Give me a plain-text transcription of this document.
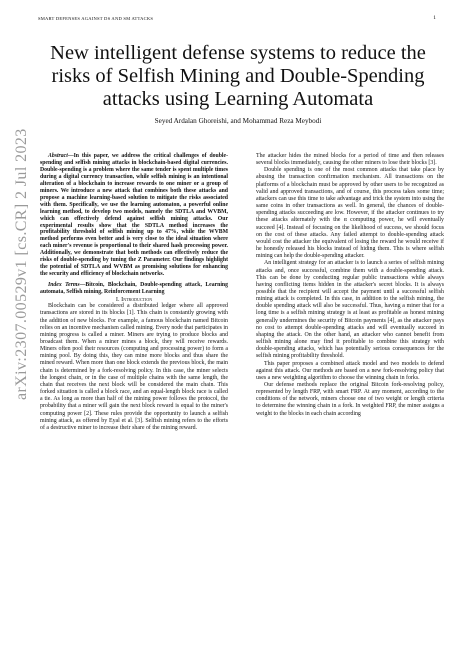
SMART DEFENSES AGAINST DS AND SM ATTACKS	1
arXiv:2307.00529v1 [cs.CR] 2 Jul 2023
New intelligent defense systems to reduce the risks of Selfish Mining and Double-Spending attacks using Learning Automata
Seyed Ardalan Ghoreishi, and Mohammad Reza Meybodi

Abstract—In this paper, we address the critical challenges of double-spending and selfish mining attacks in blockchain-based digital currencies. Double-spending is a problem where the same tender is spent multiple times during a digital currency transaction, while selfish mining is an intentional alteration of a blockchain to increase rewards to one miner or a group of miners. We introduce a new attack that combines both these attacks and propose a machine learning-based solution to mitigate the risks associated with them. Specifically, we use the learning automaton, a powerful online learning method, to develop two models, namely the SDTLA and WVBM, which can effectively defend against selfish mining attacks. Our experimental results show that the SDTLA method increases the profitability threshold of selfish mining up to 47%, while the WVBM method performs even better and is very close to the ideal situation where each miner's revenue is proportional to their shared hash processing power. Additionally, we demonstrate that both methods can effectively reduce the risks of double-spending by tuning the Z Parameter. Our findings highlight the potential of SDTLA and WVBM as promising solutions for enhancing the security and efficiency of blockchain networks.

Index Terms—Bitcoin, Blockchain, Double-spending attack, Learning automata, Selfish mining, Reinforcement Learning

I. Introduction

Blockchain can be considered a distributed ledger where all approved transactions are stored in its blocks [1]. This chain is constantly growing with the addition of new blocks. For example, a famous blockchain named Bitcoin relies on an incentive mechanism called mining. Every node that participates in mining progress is called a miner. Miners are trying to produce blocks and broadcast them. When a miner mines a block, they will receive rewards. Miners often pool their resources (computing and processing power) to form a mining pool. By doing this, they can mine more blocks and thus share the mined reward. When more than one block extends the previous block, the main chain is determined by a fork-resolving policy. In this case, the miner selects the longest chain, or in the case of multiple chains with the same length, the chain that receives the next block will be considered the main chain. This forked situation is called a block race, and an equal-length block race is called a tie. As long as more than half of the mining power follows the protocol, the probability that a miner will gain the next block reward is equal to the miner's computing power [2]. These rules provide the opportunity to launch a selfish mining attack, as offered by Eyal et al. [3]. Selfish mining refers to the efforts of a destructive miner to increase their share of the mining reward.

The attacker hides the mined blocks for a period of time and then releases several blocks immediately, causing the other miners to lose their blocks [3].

Double spending is one of the most common attacks that take place by abusing the transaction confirmation mechanism. All transactions on the platforms of a blockchain must be approved by other users to be recognized as valid and approved transactions, and of course, this process takes some time; attackers can use this time to take advantage and trick the system into using the same coins in other transactions as well. In general, the chances of double-spending attacks succeeding are low. However, if the attacker continues to try these attacks alternately with the α computing power, he will eventually succeed [4]. Instead of focusing on the likelihood of success, we should focus on the cost of these attacks. Any failed attempt to double-spending attack would cost the attacker the equivalent of losing the reward he would receive if he honestly released his blocks instead of hiding them. This is where selfish mining can help the double-spending attacker.

An intelligent strategy for an attacker is to launch a series of selfish mining attacks and, once successful, combine them with a double-spending attack. This can be done by conducting regular public transactions while always having conflicting items hidden in the attacker's secret blocks. It is always possible that the recipient will accept the payment until a successful selfish mining attack is completed. In this case, in addition to the selfish mining, the double spending attack will also be successful. Thus, having a miner that for a long time is a selfish mining strategy is at least as profitable as honest mining generally undermines the security of Bitcoin payments [4], as the attacker pays no cost to attempt double-spending attacks and will eventually succeed in shaping the attack. On the other hand, an attacker who cannot benefit from selfish mining alone may find it profitable to combine this strategy with double-spending attacks, which has potentially serious consequences for the selfish mining profitability threshold.

This paper proposes a combined attack model and two models to defend against this attack. Our methods are based on a new fork-resolving policy that uses a new weighting algorithm to choose the winning chain in forks.

Our defense methods replace the original Bitcoin fork-resolving policy, represented by length FRP, with smart FRP. At any moment, according to the conditions of the network, miners choose one of two weight or length criteria to determine the winning chain in a fork. In weighted FRP, the miner assigns a weight to the blocks in each chain according
